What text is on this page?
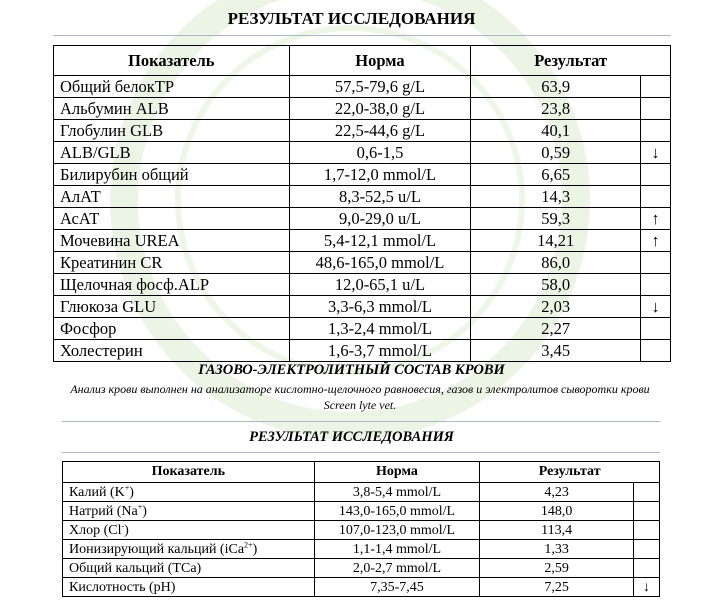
РЕЗУЛЬТАТ ИССЛЕДОВАНИЯ
Показатель	Норма	Результат	
Общий белокTP	57,5-79,6 g/L	63,9	
Альбумин ALB	22,0-38,0 g/L	23,8	
Глобулин GLB	22,5-44,6 g/L	40,1	
ALB/GLB	0,6-1,5	0,59	↓
Билирубин общий	1,7-12,0 mmol/L	6,65	
АлАТ	8,3-52,5 u/L	14,3	
АсАТ	9,0-29,0 u/L	59,3	↑
Мочевина UREA	5,4-12,1 mmol/L	14,21	↑
Креатинин CR	48,6-165,0 mmol/L	86,0	
Щелочная фосф.ALP	12,0-65,1 u/L	58,0	
Глюкоза GLU	3,3-6,3 mmol/L	2,03	↓
Фосфор	1,3-2,4 mmol/L	2,27	
Холестерин	1,6-3,7 mmol/L	3,45	
ГАЗОВО-ЭЛЕКТРОЛИТНЫЙ СОСТАВ КРОВИ
Анализ крови выполнен на анализаторе кислотно-щелочного равновесия, газов и электролитов сыворотки крови Screen lyte vet.
РЕЗУЛЬТАТ ИССЛЕДОВАНИЯ
Показатель	Норма	Результат	
Калий (K+)	3,8-5,4 mmol/L	4,23	
Натрий (Na+)	143,0-165,0 mmol/L	148,0	
Хлор (Cl-)	107,0-123,0 mmol/L	113,4	
Ионизирующий кальций (iCa$^{2+}$)	1,1-1,4 mmol/L	1,33	
Общий кальций (TCa)	2,0-2,7 mmol/L	2,59	
Кислотность (pH)	7,35-7,45	7,25	↓
